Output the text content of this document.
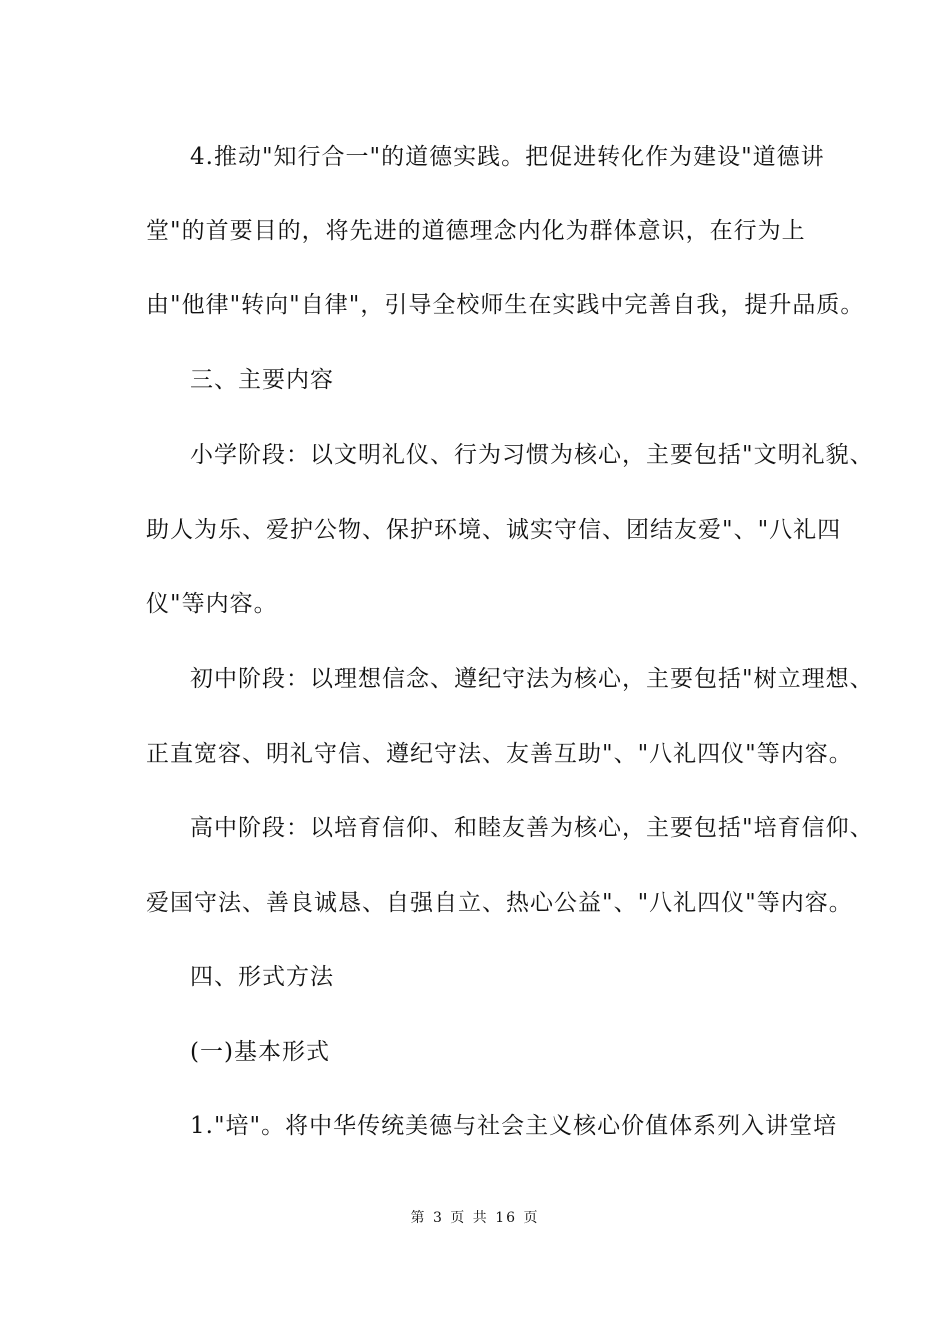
4.推动"知行合一"的道德实践。把促进转化作为建设"道德讲
堂"的首要目的，将先进的道德理念内化为群体意识，在行为上
由"他律"转向"自律"，引导全校师生在实践中完善自我，提升品质。
三、主要内容
小学阶段：以文明礼仪、行为习惯为核心，主要包括"文明礼貌、
助人为乐、爱护公物、保护环境、诚实守信、团结友爱"、"八礼四
仪"等内容。
初中阶段：以理想信念、遵纪守法为核心，主要包括"树立理想、
正直宽容、明礼守信、遵纪守法、友善互助"、"八礼四仪"等内容。
高中阶段：以培育信仰、和睦友善为核心，主要包括"培育信仰、
爱国守法、善良诚恳、自强自立、热心公益"、"八礼四仪"等内容。
四、形式方法
(一)基本形式
1."培"。将中华传统美德与社会主义核心价值体系列入讲堂培
第 3 页 共 16 页
